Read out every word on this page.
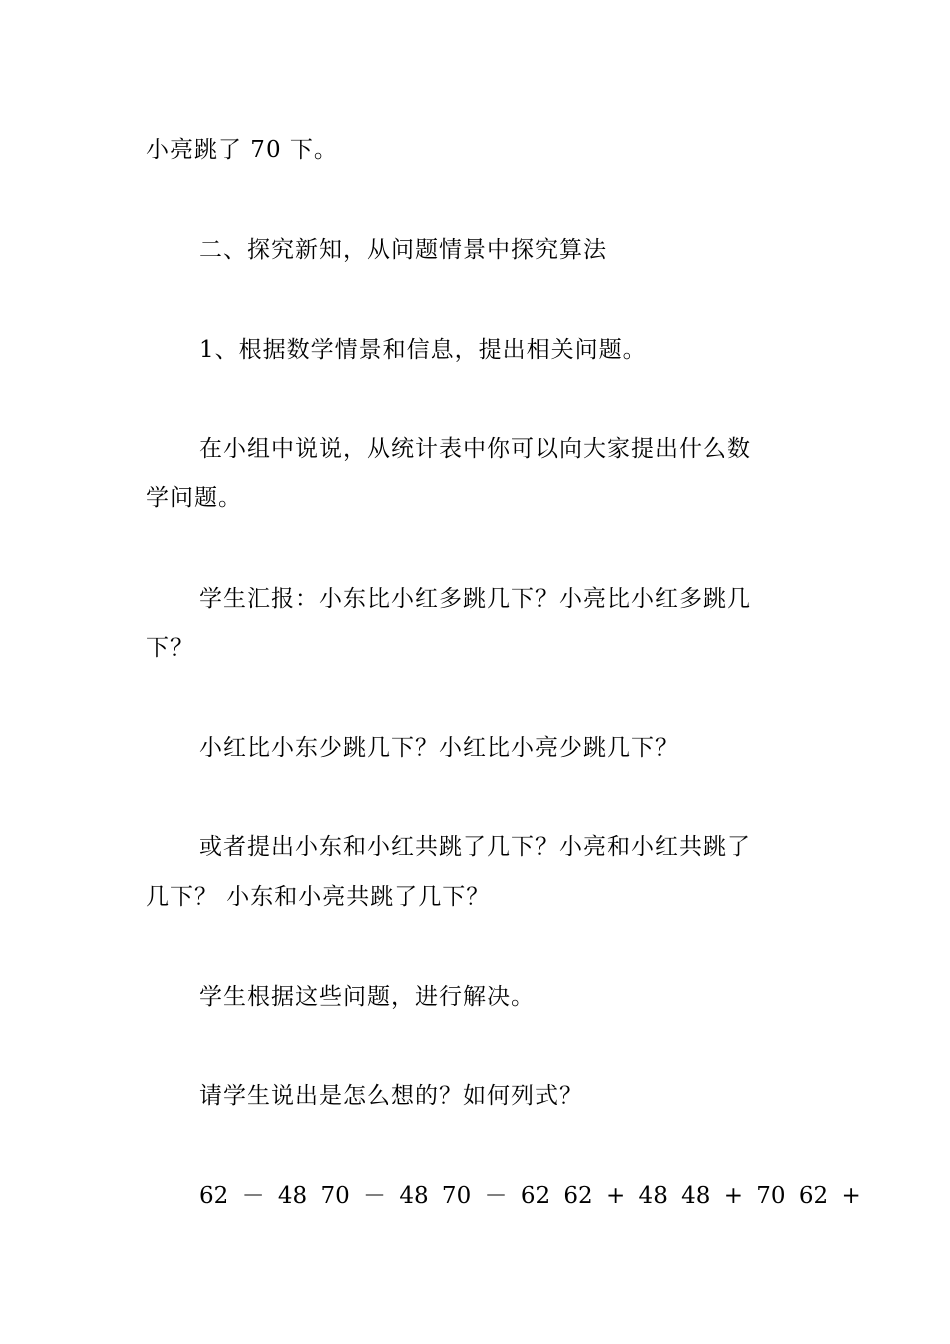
小亮跳了 70 下。
二、探究新知，从问题情景中探究算法
1、根据数学情景和信息，提出相关问题。
在小组中说说，从统计表中你可以向大家提出什么数
学问题。
学生汇报：小东比小红多跳几下？小亮比小红多跳几
下？
小红比小东少跳几下？小红比小亮少跳几下？
或者提出小东和小红共跳了几下？小亮和小红共跳了
几下？ 小东和小亮共跳了几下？
学生根据这些问题，进行解决。
请学生说出是怎么想的？如何列式？
62 － 48 70 － 48 70 － 62 62 + 48 48 + 70 62 +
